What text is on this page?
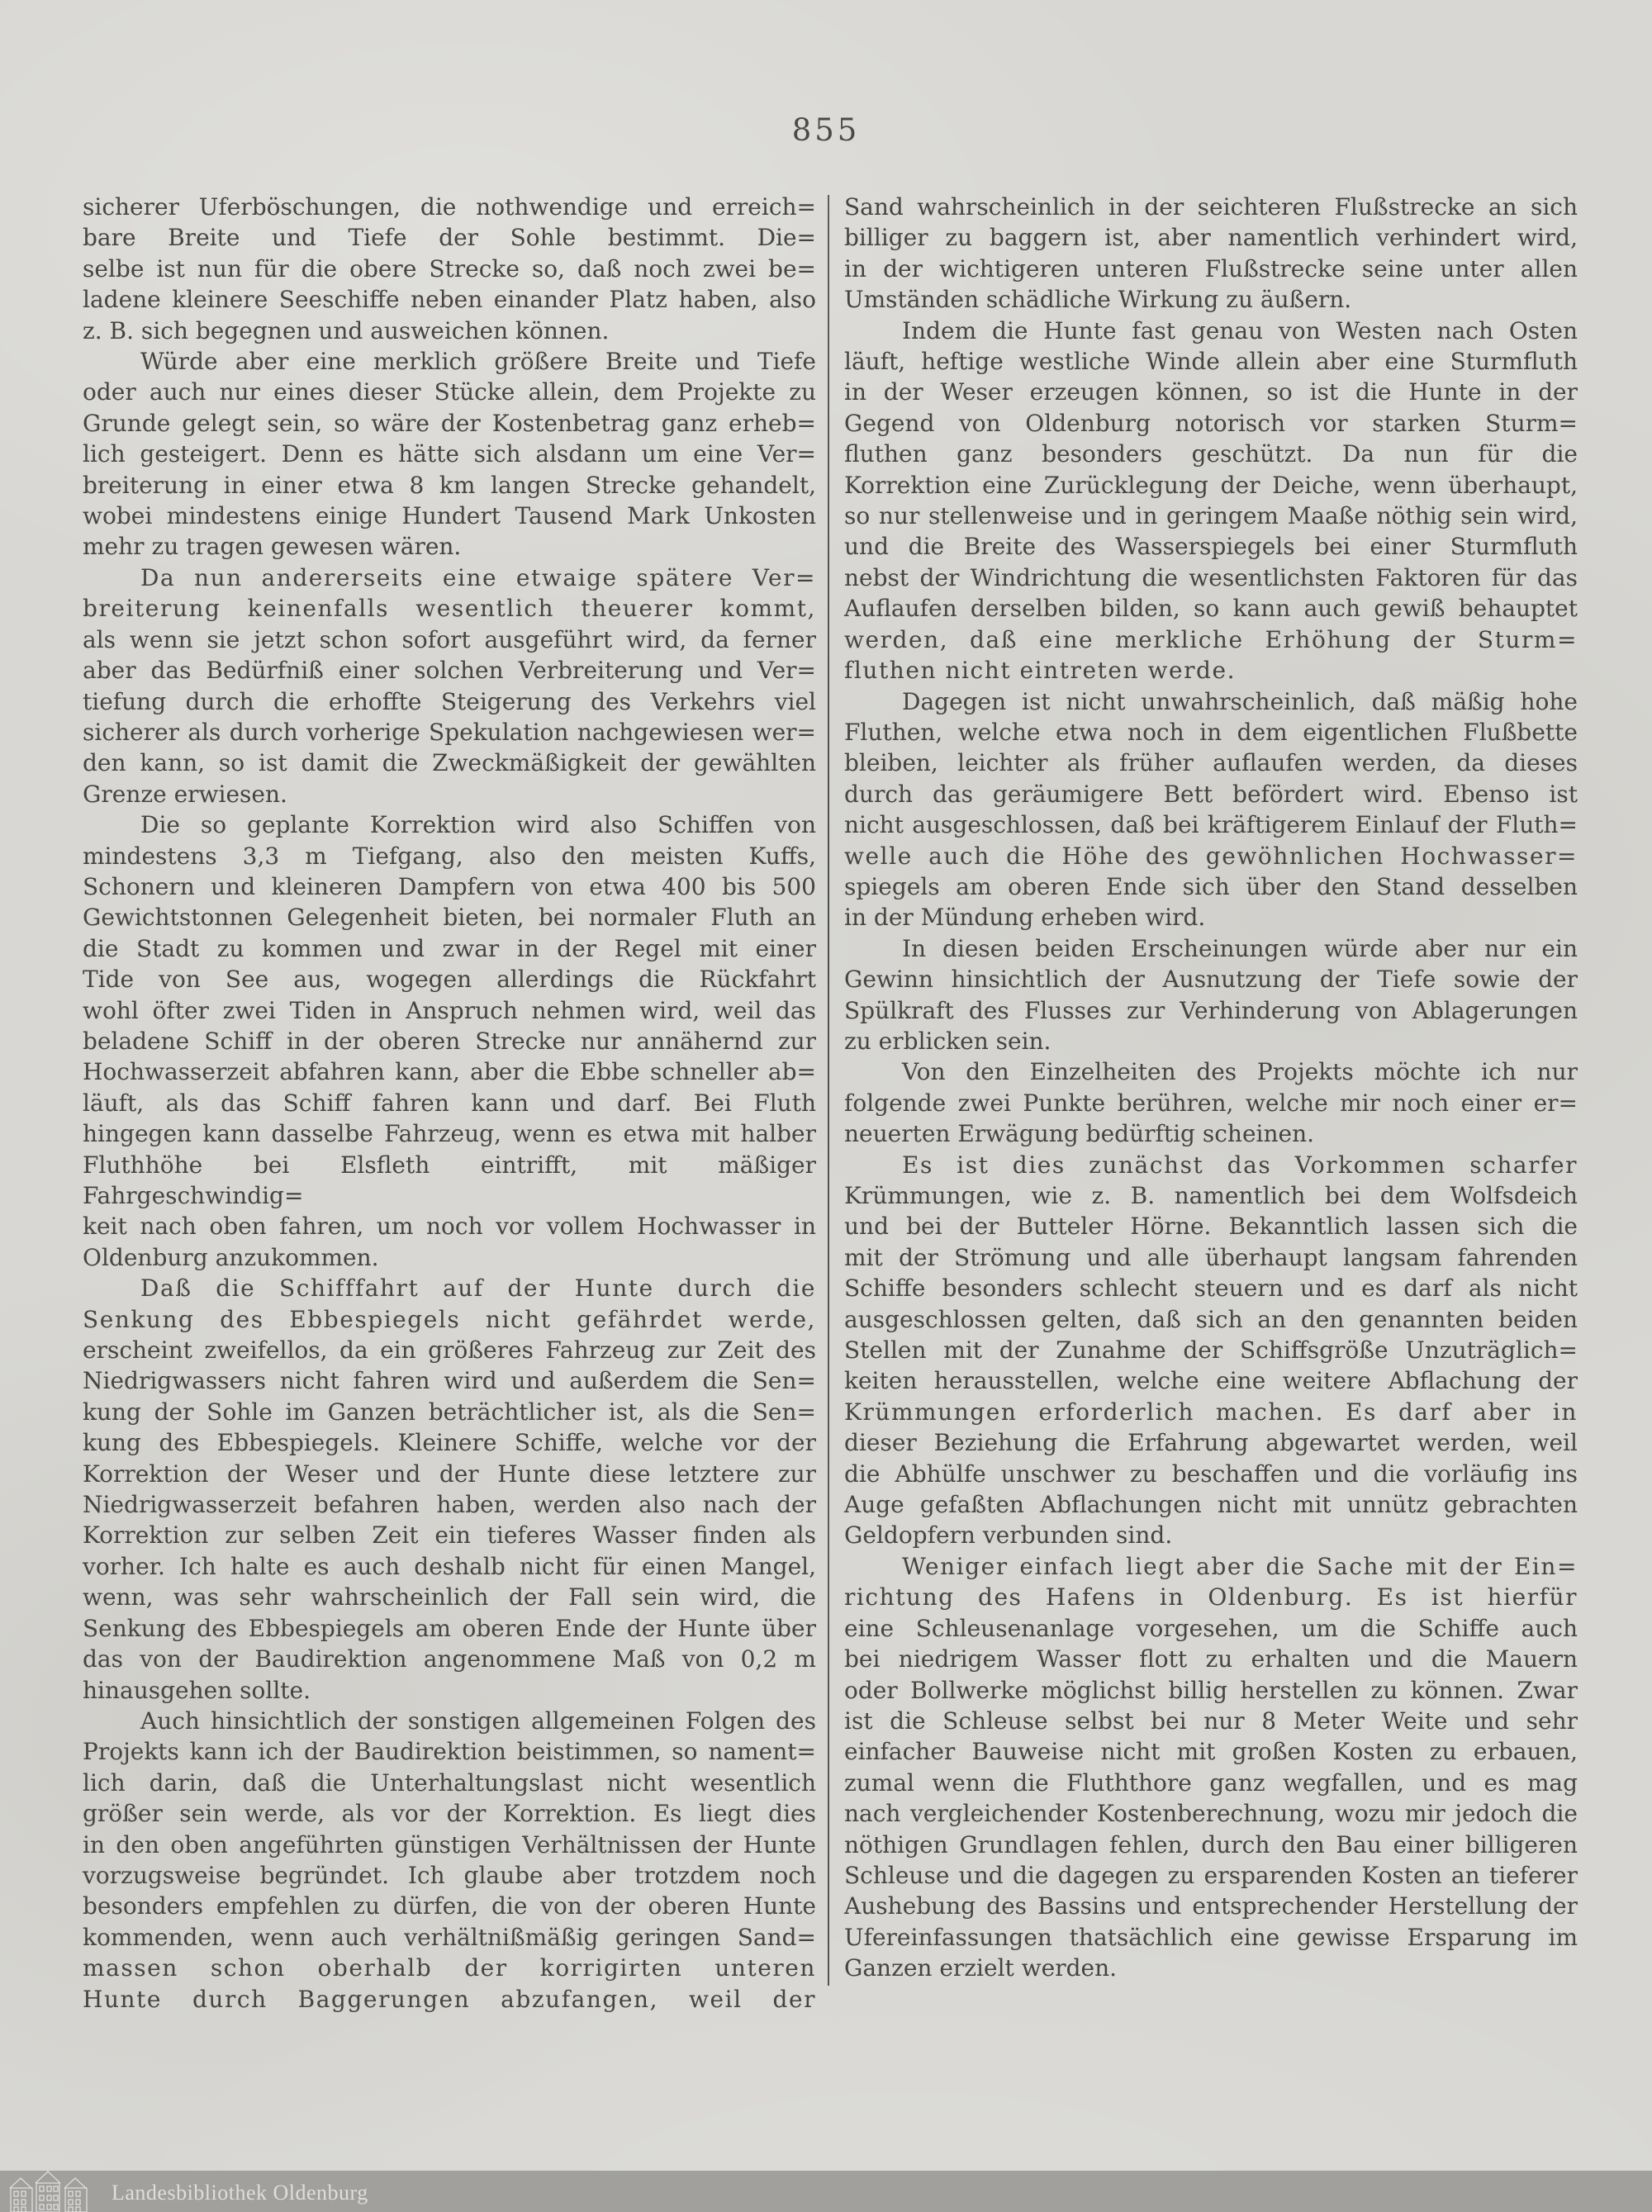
855
sicherer Uferböschungen, die nothwendige und erreich=
bare Breite und Tiefe der Sohle bestimmt. Die=
selbe ist nun für die obere Strecke so, daß noch zwei be=
ladene kleinere Seeschiffe neben einander Platz haben, also
z. B. sich begegnen und ausweichen können.
Würde aber eine merklich größere Breite und Tiefe
oder auch nur eines dieser Stücke allein, dem Projekte zu
Grunde gelegt sein, so wäre der Kostenbetrag ganz erheb=
lich gesteigert. Denn es hätte sich alsdann um eine Ver=
breiterung in einer etwa 8 km langen Strecke gehandelt,
wobei mindestens einige Hundert Tausend Mark Unkosten
mehr zu tragen gewesen wären.
Da nun andererseits eine etwaige spätere Ver=
breiterung keinenfalls wesentlich theuerer kommt,
als wenn sie jetzt schon sofort ausgeführt wird, da ferner
aber das Bedürfniß einer solchen Verbreiterung und Ver=
tiefung durch die erhoffte Steigerung des Verkehrs viel
sicherer als durch vorherige Spekulation nachgewiesen wer=
den kann, so ist damit die Zweckmäßigkeit der gewählten
Grenze erwiesen.
Die so geplante Korrektion wird also Schiffen von
mindestens 3,3 m Tiefgang, also den meisten Kuffs,
Schonern und kleineren Dampfern von etwa 400 bis 500
Gewichtstonnen Gelegenheit bieten, bei normaler Fluth an
die Stadt zu kommen und zwar in der Regel mit einer
Tide von See aus, wogegen allerdings die Rückfahrt
wohl öfter zwei Tiden in Anspruch nehmen wird, weil das
beladene Schiff in der oberen Strecke nur annähernd zur
Hochwasserzeit abfahren kann, aber die Ebbe schneller ab=
läuft, als das Schiff fahren kann und darf. Bei Fluth
hingegen kann dasselbe Fahrzeug, wenn es etwa mit halber
Fluthhöhe bei Elsfleth eintrifft, mit mäßiger Fahrgeschwindig=
keit nach oben fahren, um noch vor vollem Hochwasser in
Oldenburg anzukommen.
Daß die Schifffahrt auf der Hunte durch die
Senkung des Ebbespiegels nicht gefährdet werde,
erscheint zweifellos, da ein größeres Fahrzeug zur Zeit des
Niedrigwassers nicht fahren wird und außerdem die Sen=
kung der Sohle im Ganzen beträchtlicher ist, als die Sen=
kung des Ebbespiegels. Kleinere Schiffe, welche vor der
Korrektion der Weser und der Hunte diese letztere zur
Niedrigwasserzeit befahren haben, werden also nach der
Korrektion zur selben Zeit ein tieferes Wasser finden als
vorher. Ich halte es auch deshalb nicht für einen Mangel,
wenn, was sehr wahrscheinlich der Fall sein wird, die
Senkung des Ebbespiegels am oberen Ende der Hunte über
das von der Baudirektion angenommene Maß von 0,2 m
hinausgehen sollte.
Auch hinsichtlich der sonstigen allgemeinen Folgen des
Projekts kann ich der Baudirektion beistimmen, so nament=
lich darin, daß die Unterhaltungslast nicht wesentlich
größer sein werde, als vor der Korrektion. Es liegt dies
in den oben angeführten günstigen Verhältnissen der Hunte
vorzugsweise begründet. Ich glaube aber trotzdem noch
besonders empfehlen zu dürfen, die von der oberen Hunte
kommenden, wenn auch verhältnißmäßig geringen Sand=
massen schon oberhalb der korrigirten unteren
Hunte durch Baggerungen abzufangen, weil der
Sand wahrscheinlich in der seichteren Flußstrecke an sich
billiger zu baggern ist, aber namentlich verhindert wird,
in der wichtigeren unteren Flußstrecke seine unter allen
Umständen schädliche Wirkung zu äußern.
Indem die Hunte fast genau von Westen nach Osten
läuft, heftige westliche Winde allein aber eine Sturmfluth
in der Weser erzeugen können, so ist die Hunte in der
Gegend von Oldenburg notorisch vor starken Sturm=
fluthen ganz besonders geschützt. Da nun für die
Korrektion eine Zurücklegung der Deiche, wenn überhaupt,
so nur stellenweise und in geringem Maaße nöthig sein wird,
und die Breite des Wasserspiegels bei einer Sturmfluth
nebst der Windrichtung die wesentlichsten Faktoren für das
Auflaufen derselben bilden, so kann auch gewiß behauptet
werden, daß eine merkliche Erhöhung der Sturm=
fluthen nicht eintreten werde.
Dagegen ist nicht unwahrscheinlich, daß mäßig hohe
Fluthen, welche etwa noch in dem eigentlichen Flußbette
bleiben, leichter als früher auflaufen werden, da dieses
durch das geräumigere Bett befördert wird. Ebenso ist
nicht ausgeschlossen, daß bei kräftigerem Einlauf der Fluth=
welle auch die Höhe des gewöhnlichen Hochwasser=
spiegels am oberen Ende sich über den Stand desselben
in der Mündung erheben wird.
In diesen beiden Erscheinungen würde aber nur ein
Gewinn hinsichtlich der Ausnutzung der Tiefe sowie der
Spülkraft des Flusses zur Verhinderung von Ablagerungen
zu erblicken sein.
Von den Einzelheiten des Projekts möchte ich nur
folgende zwei Punkte berühren, welche mir noch einer er=
neuerten Erwägung bedürftig scheinen.
Es ist dies zunächst das Vorkommen scharfer
Krümmungen, wie z. B. namentlich bei dem Wolfsdeich
und bei der Butteler Hörne. Bekanntlich lassen sich die
mit der Strömung und alle überhaupt langsam fahrenden
Schiffe besonders schlecht steuern und es darf als nicht
ausgeschlossen gelten, daß sich an den genannten beiden
Stellen mit der Zunahme der Schiffsgröße Unzuträglich=
keiten herausstellen, welche eine weitere Abflachung der
Krümmungen erforderlich machen. Es darf aber in
dieser Beziehung die Erfahrung abgewartet werden, weil
die Abhülfe unschwer zu beschaffen und die vorläufig ins
Auge gefaßten Abflachungen nicht mit unnütz gebrachten
Geldopfern verbunden sind.
Weniger einfach liegt aber die Sache mit der Ein=
richtung des Hafens in Oldenburg. Es ist hierfür
eine Schleusenanlage vorgesehen, um die Schiffe auch
bei niedrigem Wasser flott zu erhalten und die Mauern
oder Bollwerke möglichst billig herstellen zu können. Zwar
ist die Schleuse selbst bei nur 8 Meter Weite und sehr
einfacher Bauweise nicht mit großen Kosten zu erbauen,
zumal wenn die Fluththore ganz wegfallen, und es mag
nach vergleichender Kostenberechnung, wozu mir jedoch die
nöthigen Grundlagen fehlen, durch den Bau einer billigeren
Schleuse und die dagegen zu ersparenden Kosten an tieferer
Aushebung des Bassins und entsprechender Herstellung der
Ufereinfassungen thatsächlich eine gewisse Ersparung im
Ganzen erzielt werden.
Landesbibliothek Oldenburg
